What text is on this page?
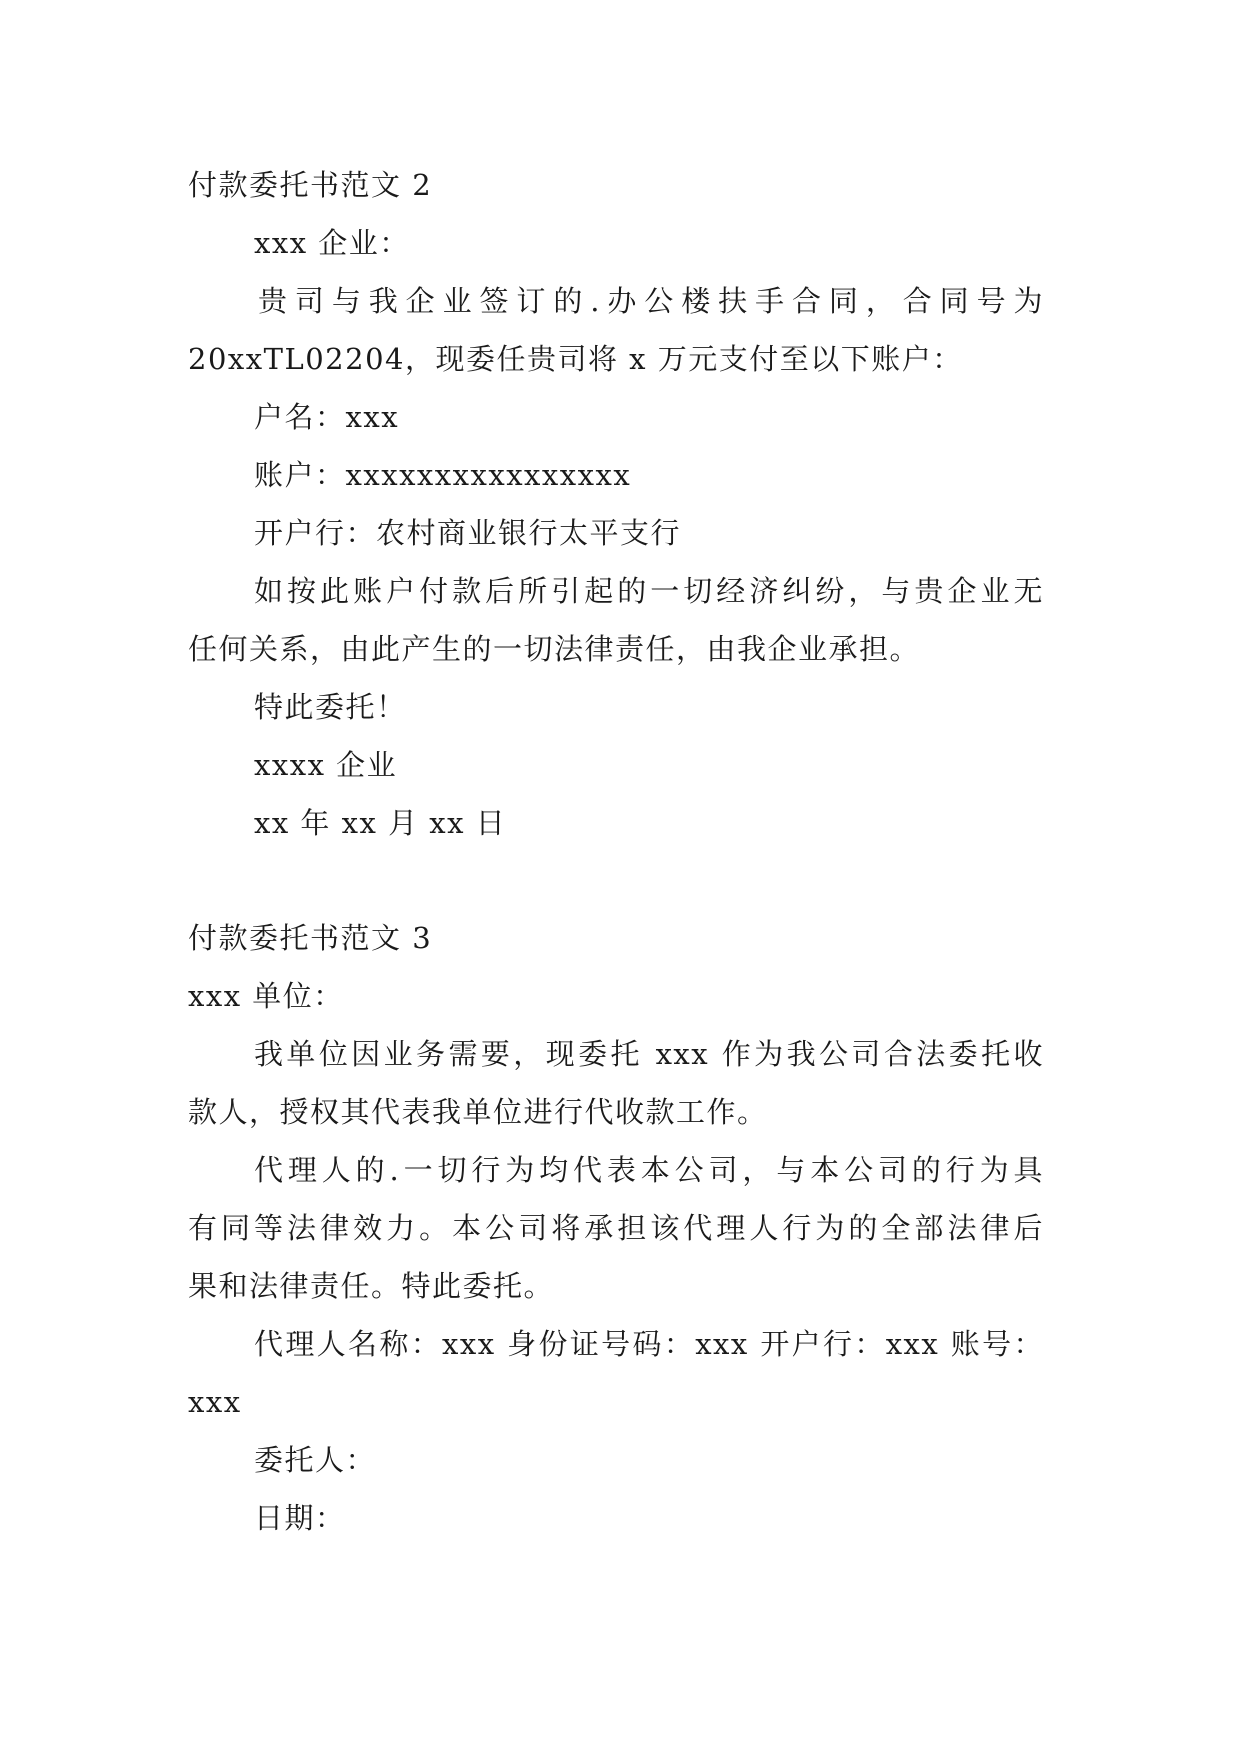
付款委托书范文 2
xxx 企业：
贵司与我企业签订的.办公楼扶手合同，合同号为
20xxTL02204，现委任贵司将 x 万元支付至以下账户：
户名：xxx
账户：xxxxxxxxxxxxxxxx
开户行：农村商业银行太平支行
如按此账户付款后所引起的一切经济纠纷，与贵企业无
任何关系，由此产生的一切法律责任，由我企业承担。
特此委托！
xxxx 企业
xx 年 xx 月 xx 日
付款委托书范文 3
xxx 单位：
我单位因业务需要，现委托 xxx 作为我公司合法委托收
款人，授权其代表我单位进行代收款工作。
代理人的.一切行为均代表本公司，与本公司的行为具
有同等法律效力。本公司将承担该代理人行为的全部法律后
果和法律责任。特此委托。
代理人名称：xxx 身份证号码：xxx 开户行：xxx 账号：
xxx
委托人：
日期：
